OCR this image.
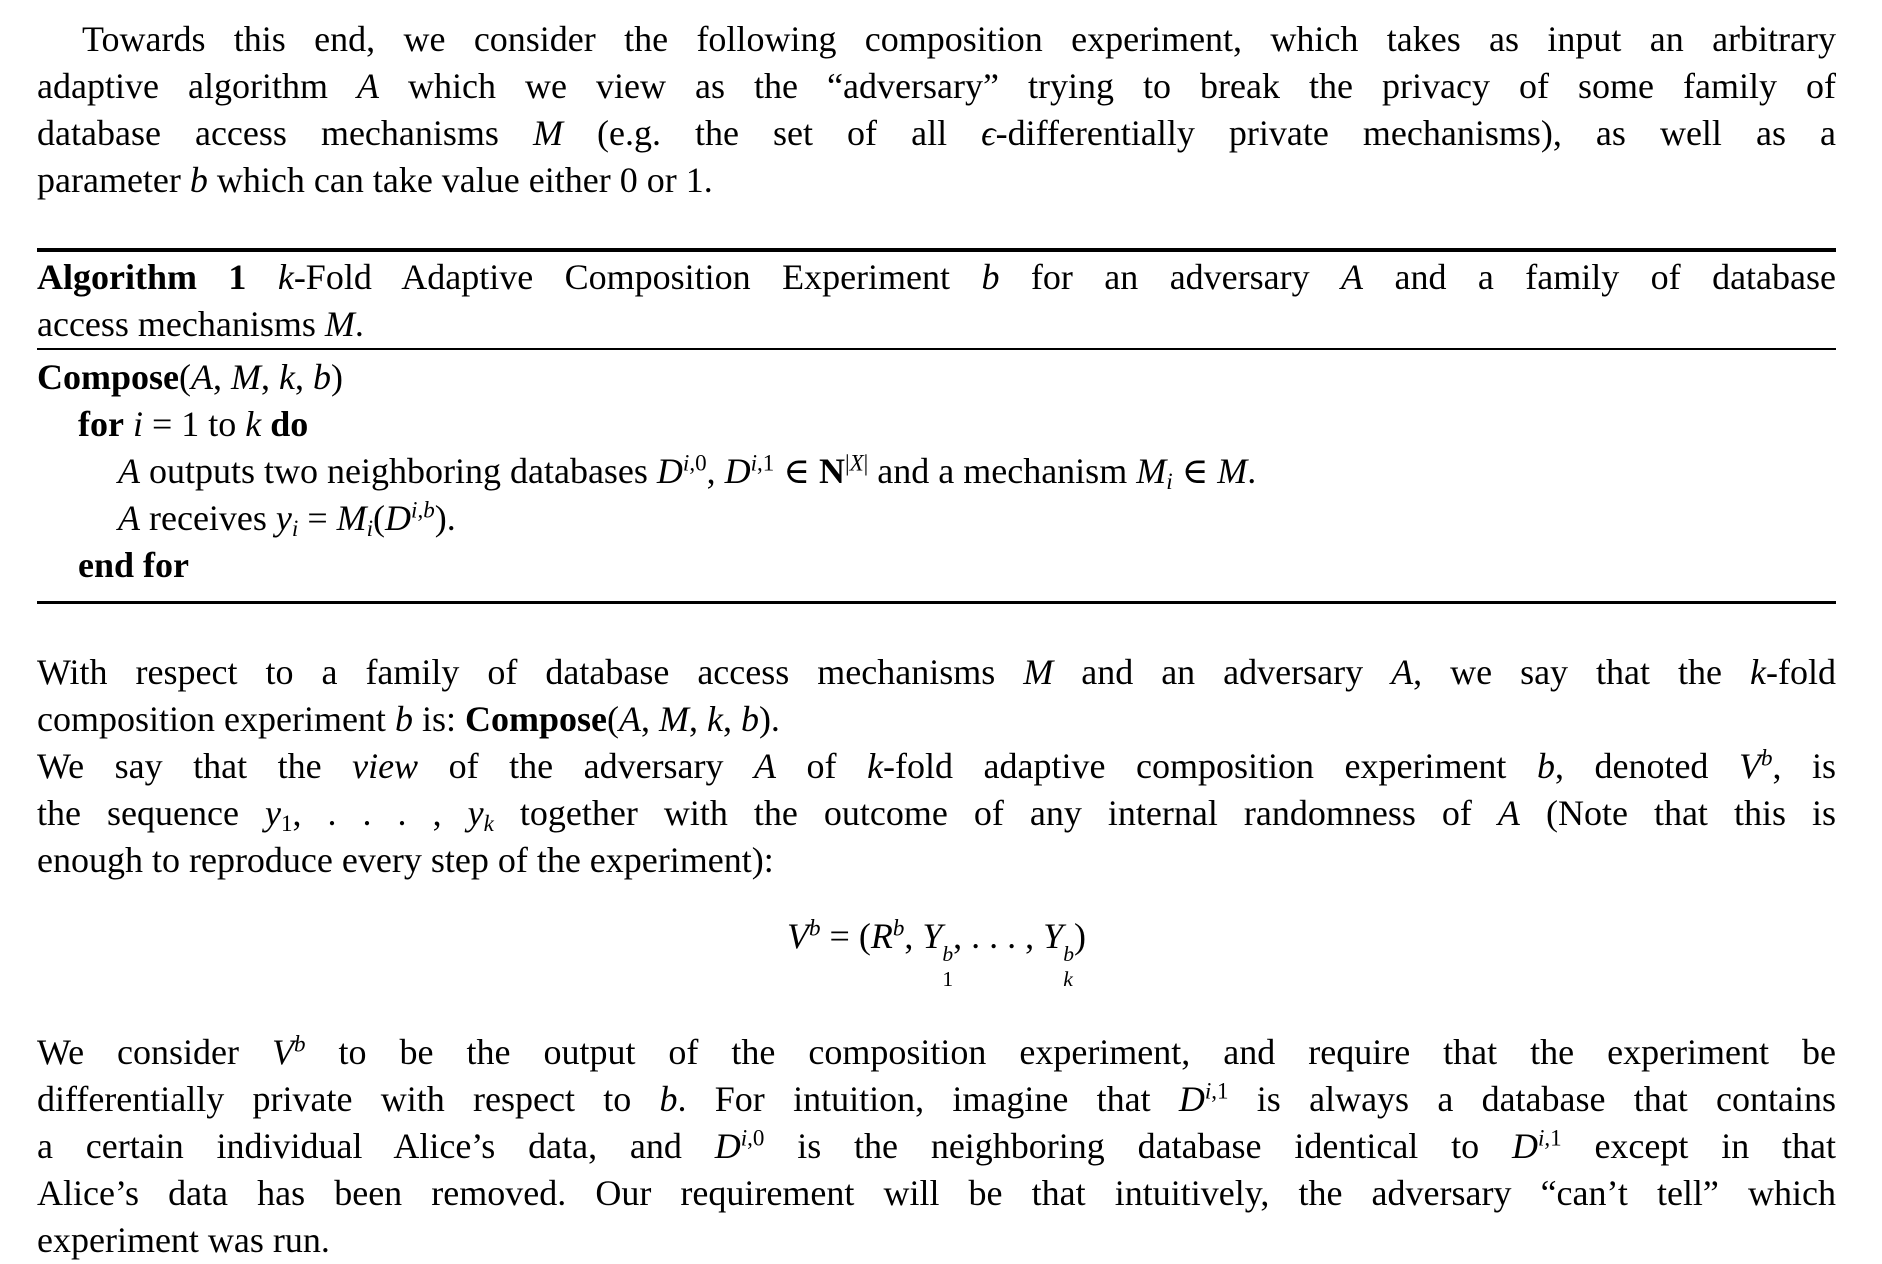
Towards this end, we consider the following composition experiment, which takes as input an arbitrary
adaptive algorithm A which we view as the “adversary” trying to break the privacy of some family of
database access mechanisms M (e.g. the set of all ϵ-differentially private mechanisms), as well as a
parameter b which can take value either 0 or 1.
Algorithm 1 k-Fold Adaptive Composition Experiment b for an adversary A and a family of database
access mechanisms M.
Compose(A, M, k, b)
for i = 1 to k do
A outputs two neighboring databases D$^{i,0}$, D$^{i,1}$ ∈ $N^{|X|}$ and a mechanism $M_i$ ∈ M.
A receives $y_i = M_i(D^{i,b})$.
end for
With respect to a family of database access mechanisms M and an adversary A, we say that the k-fold
composition experiment b is: Compose(A, M, k, b).
We say that the view of the adversary A of k-fold adaptive composition experiment b, denoted $V^b$, is
the sequence $y_1$, . . . , $y_k$ together with the outcome of any internal randomness of A (Note that this is
enough to reproduce every step of the experiment):
$V^b = (R^b$, Y b
1
, . . . , Y b
k
)
We consider $V^b$ to be the output of the composition experiment, and require that the experiment be
differentially private with respect to b. For intuition, imagine that D$^{i,1}$ is always a database that contains
a certain individual Alice’s data, and D$^{i,0}$ is the neighboring database identical to D$^{i,1}$ except in that
Alice’s data has been removed. Our requirement will be that intuitively, the adversary “can’t tell” which
experiment was run.
